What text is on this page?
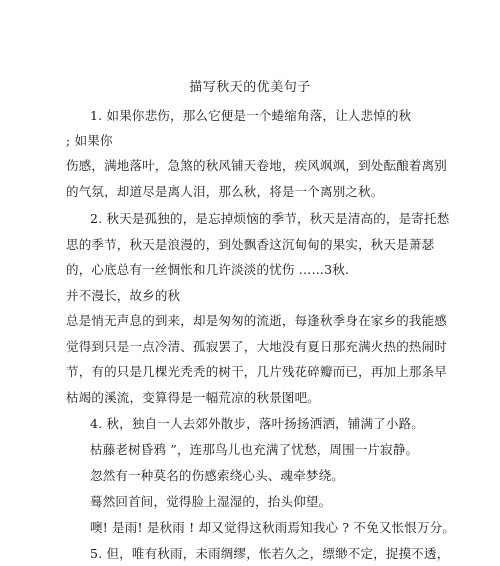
描写秋天的优美句子
1. 如果你悲伤，那么它便是一个蜷缩角落，让人悲悼的秋
; 如果你
伤感，满地落叶，急煞的秋风铺天卷地，疾风飒飒，到处酝酿着离别
的气氛，却道尽是离人泪，那么秋，将是一个离别之秋。
2. 秋天是孤独的，是忘掉烦恼的季节，秋天是清高的，是寄托愁
思的季节，秋天是浪漫的，到处飘香这沉甸甸的果实，秋天是萧瑟
的，心底总有一丝惆怅和几许淡淡的忧伤 ……3秋.
并不漫长，故乡的秋
总是悄无声息的到来，却是匆匆的流逝，每逢秋季身在家乡的我能感
觉得到只是一点冷清、孤寂罢了，大地没有夏日那充满火热的热闹时
节，有的只是几棵光秃秃的树干，几片残花碎瓣而已，再加上那条早
枯竭的溪流，变算得是一幅荒凉的秋景图吧。
4. 秋，独自一人去郊外散步，落叶扬扬洒洒，铺满了小路。
枯藤老树昏鸦 ”，连那鸟儿也充满了忧愁，周围一片寂静。
忽然有一种莫名的伤感索绕心头、魂牵梦绕。
蓦然回首间，觉得脸上湿湿的，抬头仰望。
噢! 是雨! 是秋雨 ! 却又觉得这秋雨焉知我心 ? 不免又怅恨万分。
5. 但，唯有秋雨，未雨绸缪，怅若久之，缥缈不定，捉摸不透，
